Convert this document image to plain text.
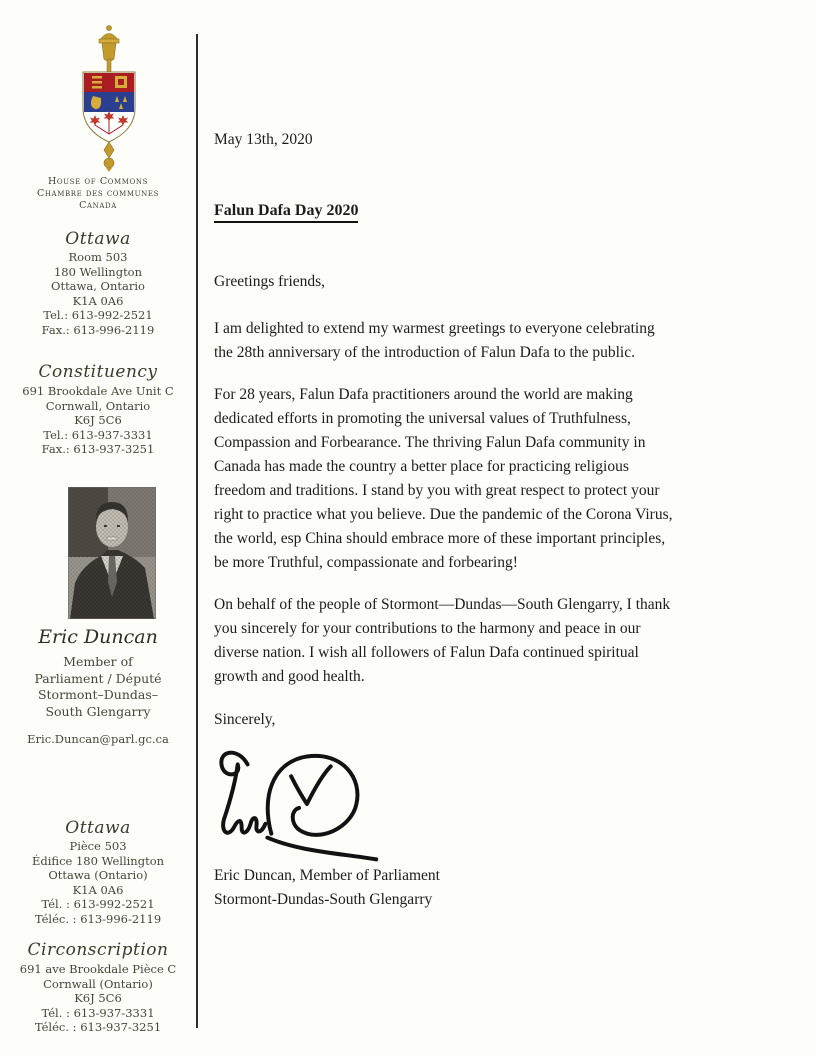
House of Commons
Chambre des communes
Canada
Ottawa
Room 503
180 Wellington
Ottawa, Ontario
K1A 0A6
Tel.: 613-992-2521
Fax.: 613-996-2119
Constituency
691 Brookdale Ave Unit C
Cornwall, Ontario
K6J 5C6
Tel.: 613-937-3331
Fax.: 613-937-3251
Eric Duncan
Member of
Parliament / Député
Stormont–Dundas–
South Glengarry
Eric.Duncan@parl.gc.ca
Ottawa
Pièce 503
Édifice 180 Wellington
Ottawa (Ontario)
K1A 0A6
Tél. : 613-992-2521
Téléc. : 613-996-2119
Circonscription
691 ave Brookdale Pièce C
Cornwall (Ontario)
K6J 5C6
Tél. : 613-937-3331
Téléc. : 613-937-3251
May 13th, 2020
Falun Dafa Day 2020
Greetings friends,
I am delighted to extend my warmest greetings to everyone celebrating
the 28th anniversary of the introduction of Falun Dafa to the public.
For 28 years, Falun Dafa practitioners around the world are making
dedicated efforts in promoting the universal values of Truthfulness,
Compassion and Forbearance. The thriving Falun Dafa community in
Canada has made the country a better place for practicing religious
freedom and traditions. I stand by you with great respect to protect your
right to practice what you believe. Due the pandemic of the Corona Virus,
the world, esp China should embrace more of these important principles,
be more Truthful, compassionate and forbearing!
On behalf of the people of Stormont—Dundas—South Glengarry, I thank
you sincerely for your contributions to the harmony and peace in our
diverse nation. I wish all followers of Falun Dafa continued spiritual
growth and good health.
Sincerely,
Eric Duncan, Member of Parliament
Stormont-Dundas-South Glengarry
